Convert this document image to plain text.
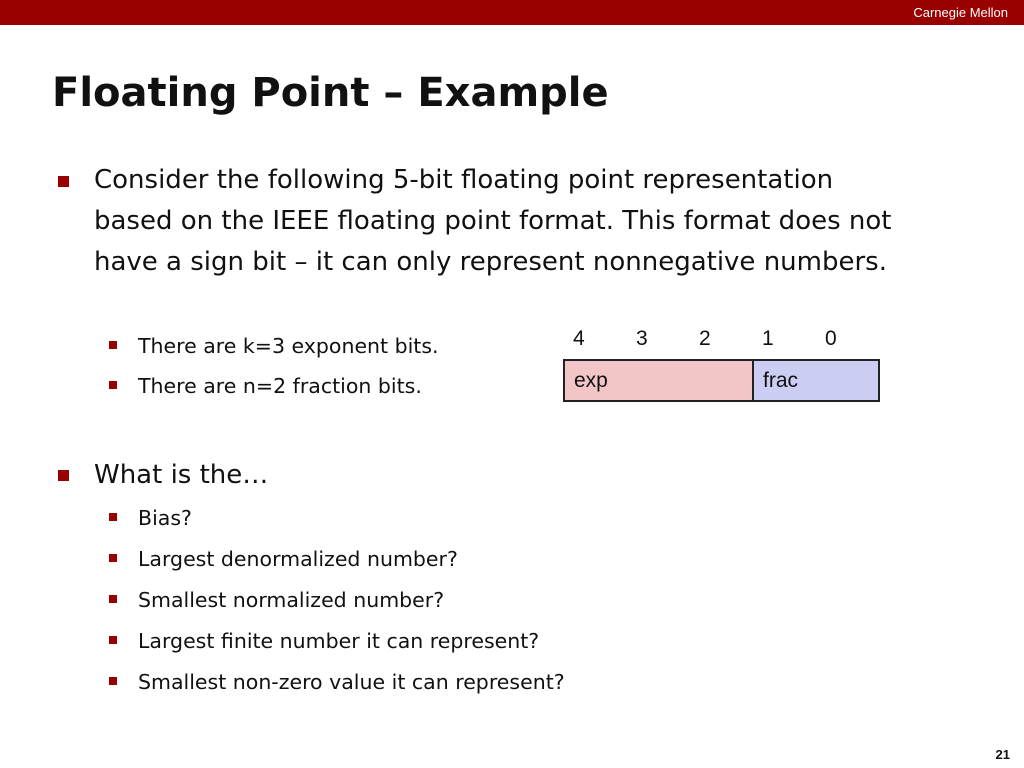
Carnegie Mellon
Floating Point – Example

Consider the following 5-bit floating point representation based on the IEEE floating point format. This format does not have a sign bit – it can only represent nonnegative numbers.

There are k=3 exponent bits.
There are n=2 fraction bits.
4 3 2 1 0
exp	frac
What is the…
Bias?
Largest denormalized number?
Smallest normalized number?
Largest finite number it can represent?
Smallest non-zero value it can represent?
21
